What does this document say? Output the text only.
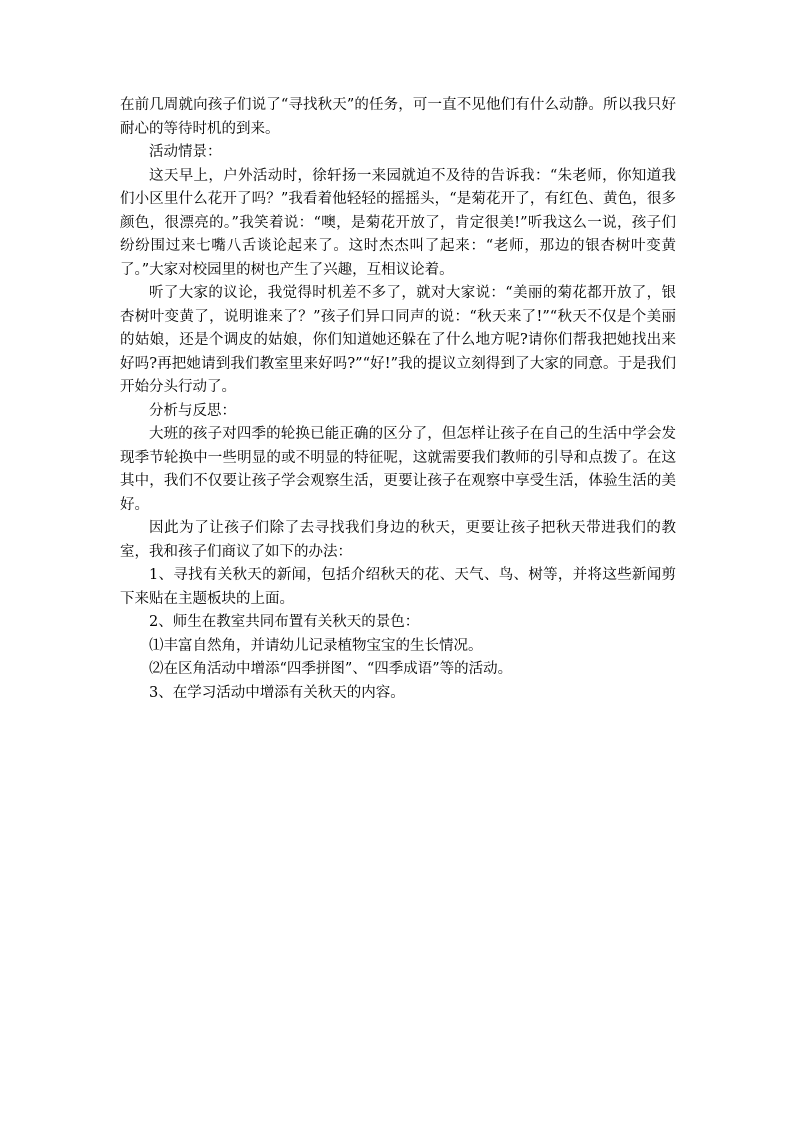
在前几周就向孩子们说了“寻找秋天”的任务，可一直不见他们有什么动静。所以我只好耐心的等待时机的到来。

活动情景：

这天早上，户外活动时，徐轩扬一来园就迫不及待的告诉我：“朱老师，你知道我们小区里什么花开了吗？”我看着他轻轻的摇摇头，“是菊花开了，有红色、黄色，很多颜色，很漂亮的。”我笑着说：“噢，是菊花开放了，肯定很美!”听我这么一说，孩子们纷纷围过来七嘴八舌谈论起来了。这时杰杰叫了起来：“老师，那边的银杏树叶变黄了。”大家对校园里的树也产生了兴趣，互相议论着。

听了大家的议论，我觉得时机差不多了，就对大家说：“美丽的菊花都开放了，银杏树叶变黄了，说明谁来了？”孩子们异口同声的说：“秋天来了!”“秋天不仅是个美丽的姑娘，还是个调皮的姑娘，你们知道她还躲在了什么地方呢?请你们帮我把她找出来好吗?再把她请到我们教室里来好吗?”“好!”我的提议立刻得到了大家的同意。于是我们开始分头行动了。

分析与反思：

大班的孩子对四季的轮换已能正确的区分了，但怎样让孩子在自己的生活中学会发现季节轮换中一些明显的或不明显的特征呢，这就需要我们教师的引导和点拨了。在这其中，我们不仅要让孩子学会观察生活，更要让孩子在观察中享受生活，体验生活的美好。

因此为了让孩子们除了去寻找我们身边的秋天，更要让孩子把秋天带进我们的教室，我和孩子们商议了如下的办法：

1、寻找有关秋天的新闻，包括介绍秋天的花、天气、鸟、树等，并将这些新闻剪下来贴在主题板块的上面。

2、师生在教室共同布置有关秋天的景色：

⑴丰富自然角，并请幼儿记录植物宝宝的生长情况。

⑵在区角活动中增添“四季拼图”、“四季成语”等的活动。

3、在学习活动中增添有关秋天的内容。
